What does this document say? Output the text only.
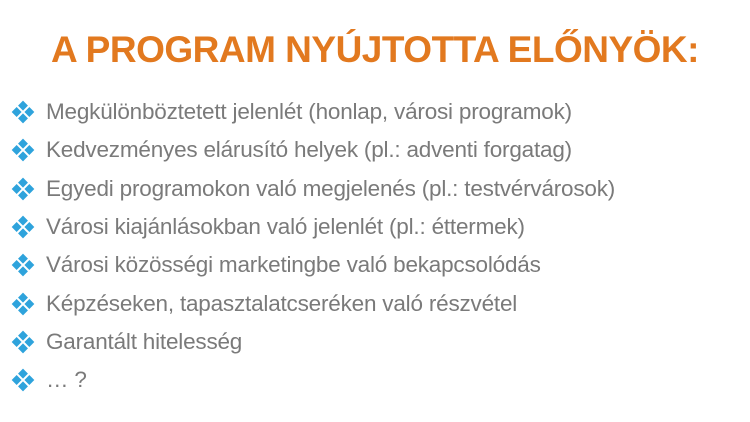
A PROGRAM NYÚJTOTTA ELŐNYÖK:
Megkülönböztetett jelenlét (honlap, városi programok)
Kedvezményes elárusító helyek (pl.: adventi forgatag)
Egyedi programokon való megjelenés (pl.: testvérvárosok)
Városi kiajánlásokban való jelenlét (pl.: éttermek)
Városi közösségi marketingbe való bekapcsolódás
Képzéseken, tapasztalatcseréken való részvétel
Garantált hitelesség
… ?
